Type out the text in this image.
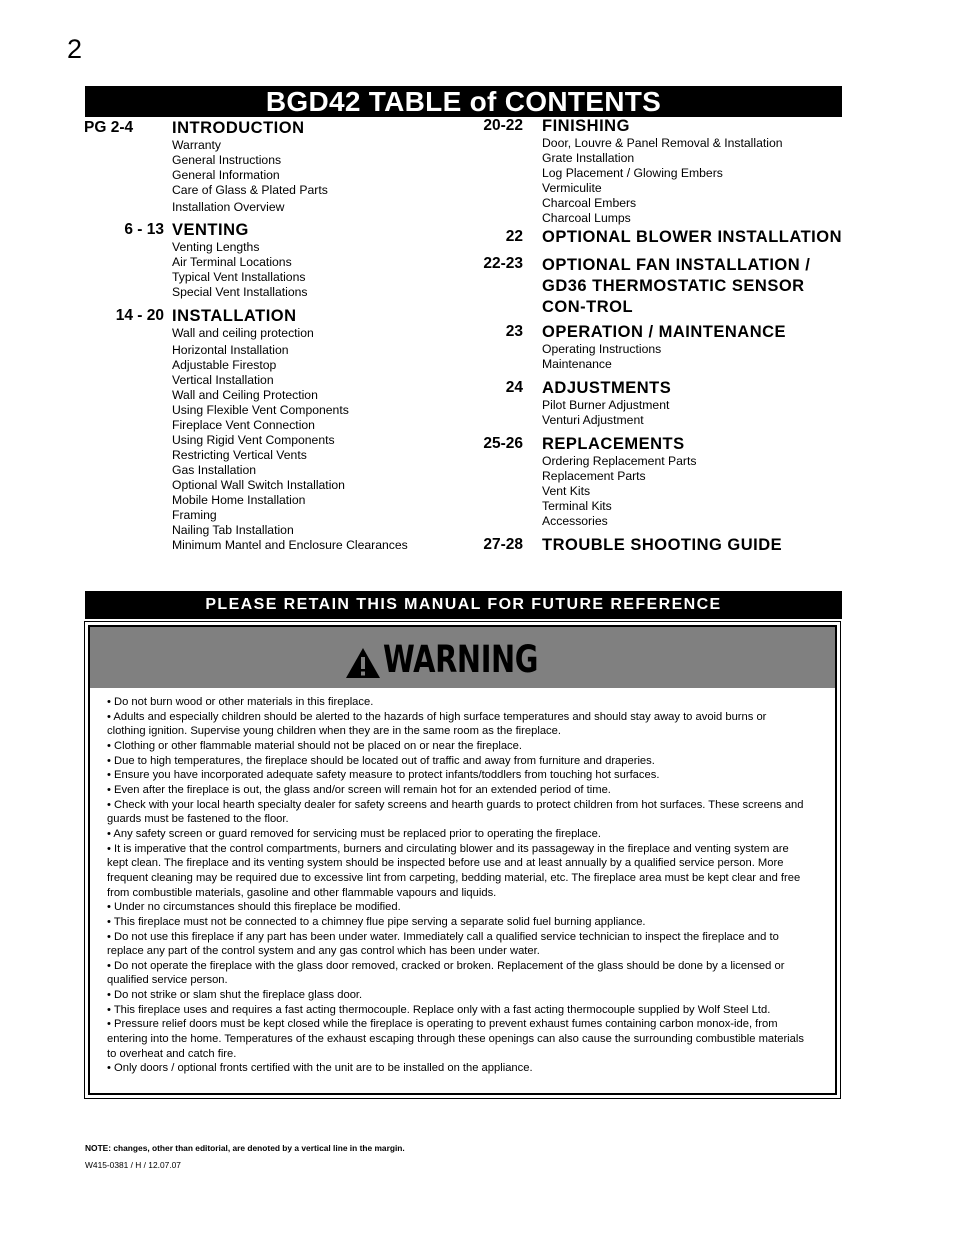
2
BGD42 TABLE of CONTENTS
PG 2-4	INTRODUCTION
Warranty
General Instructions
General Information
Care of Glass & Plated Parts
Installation Overview
6 - 13 VENTING
Venting Lengths
Air Terminal Locations
Typical Vent Installations
Special Vent Installations
14 - 20 INSTALLATION
Wall and ceiling protection
Horizontal Installation
Adjustable Firestop
Vertical Installation
Wall and Ceiling Protection
Using Flexible Vent Components
Fireplace Vent Connection
Using Rigid Vent Components
Restricting Vertical Vents
Gas Installation
Optional Wall Switch Installation
Mobile Home Installation
Framing
Nailing Tab Installation
Minimum Mantel and Enclosure Clearances
20-22 FINISHING
Door, Louvre & Panel Removal & Installation
Grate Installation
Log Placement / Glowing Embers
Vermiculite
Charcoal Embers
Charcoal Lumps
22 OPTIONAL BLOWER INSTALLATION
22-23 OPTIONAL FAN INSTALLATION / GD36 THERMOSTATIC SENSOR CON-TROL
23 OPERATION / MAINTENANCE
Operating Instructions
Maintenance
24 ADJUSTMENTS
Pilot Burner Adjustment
Venturi Adjustment
25-26 REPLACEMENTS
Ordering Replacement Parts
Replacement Parts
Vent Kits
Terminal Kits
Accessories
27-28 TROUBLE SHOOTING GUIDE
PLEASE RETAIN THIS MANUAL FOR FUTURE REFERENCE
WARNING
• Do not burn wood or other materials in this fireplace.
• Adults and especially children should be alerted to the hazards of high surface temperatures and should stay away to avoid burns or clothing ignition. Supervise young children when they are in the same room as the fireplace.
• Clothing or other flammable material should not be placed on or near the fireplace.
• Due to high temperatures, the fireplace should be located out of traffic and away from furniture and draperies.
• Ensure you have incorporated adequate safety measure to protect infants/toddlers from touching hot surfaces.
• Even after the fireplace is out, the glass and/or screen will remain hot for an extended period of time.
• Check with your local hearth specialty dealer for safety screens and hearth guards to protect children from hot surfaces. These screens and guards must be fastened to the floor.
• Any safety screen or guard removed for servicing must be replaced prior to operating the fireplace.
• It is imperative that the control compartments, burners and circulating blower and its passageway in the fireplace and venting system are kept clean. The fireplace and its venting system should be inspected before use and at least annually by a qualified service person. More frequent cleaning may be required due to excessive lint from carpeting, bedding material, etc. The fireplace area must be kept clear and free from combustible materials, gasoline and other flammable vapours and liquids.
• Under no circumstances should this fireplace be modified.
• This fireplace must not be connected to a chimney flue pipe serving a separate solid fuel burning appliance.
• Do not use this fireplace if any part has been under water. Immediately call a qualified service technician to inspect the fireplace and to replace any part of the control system and any gas control which has been under water.
• Do not operate the fireplace with the glass door removed, cracked or broken. Replacement of the glass should be done by a licensed or qualified service person.
• Do not strike or slam shut the fireplace glass door.
• This fireplace uses and requires a fast acting thermocouple. Replace only with a fast acting thermocouple supplied by Wolf Steel Ltd.
• Pressure relief doors must be kept closed while the fireplace is operating to prevent exhaust fumes containing carbon monox-ide, from entering into the home. Temperatures of the exhaust escaping through these openings can also cause the surrounding combustible materials to overheat and catch fire.
• Only doors / optional fronts certified with the unit are to be installed on the appliance.
NOTE: changes, other than editorial, are denoted by a vertical line in the margin.
W415-0381 / H / 12.07.07
